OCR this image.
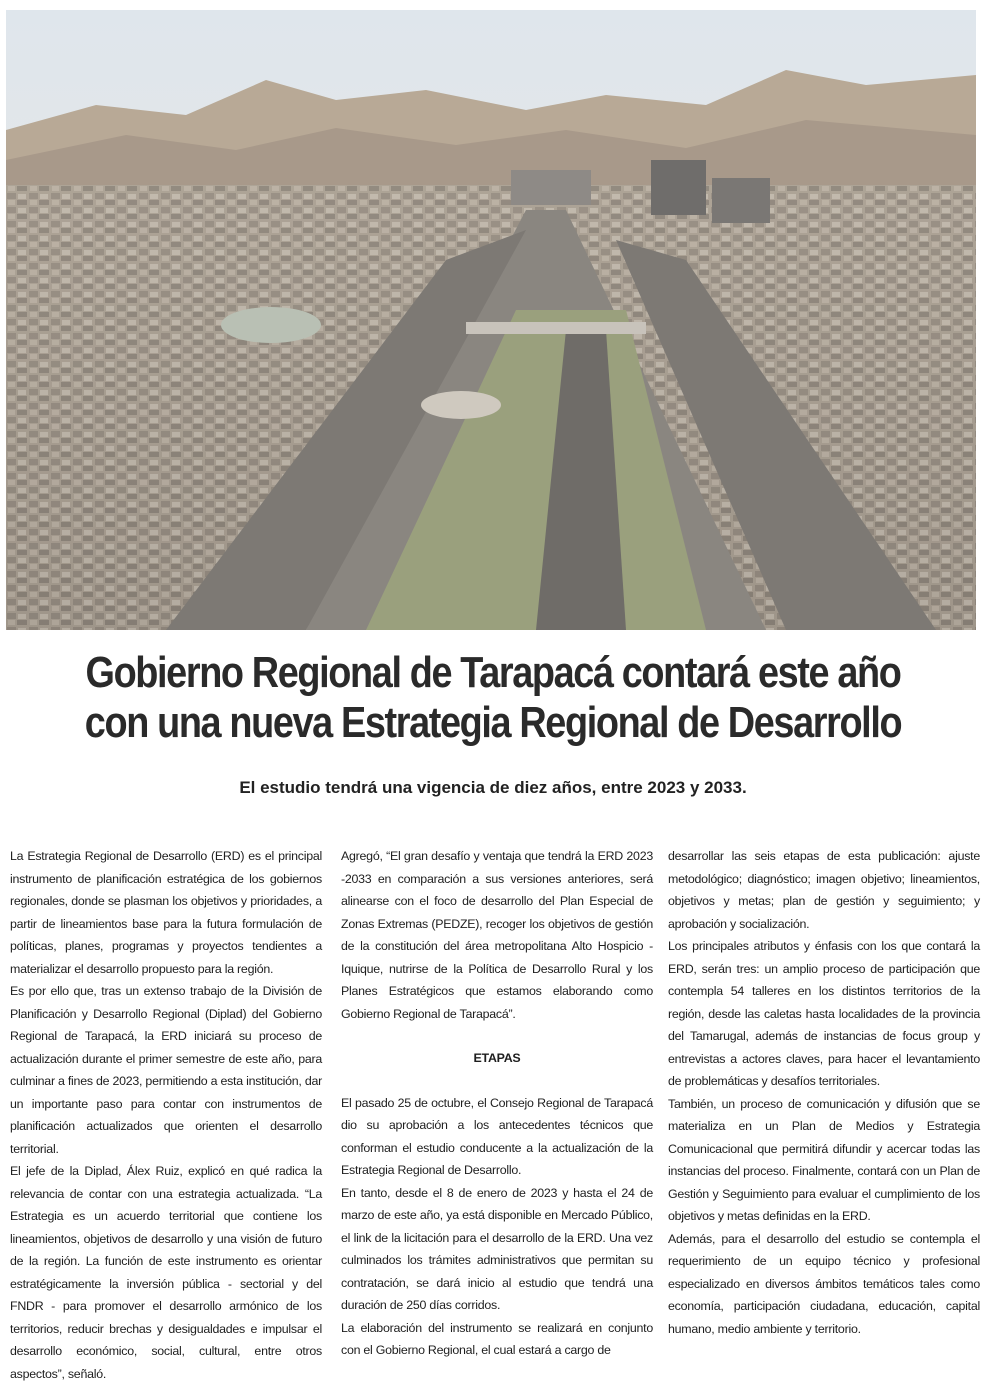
Gobierno Regional de Tarapacá contará este año
con una nueva Estrategia Regional de Desarrollo

El estudio tendrá una vigencia de diez años, entre 2023 y 2033.

La Estrategia Regional de Desarrollo (ERD) es el principal instrumento de planificación estratégica de los gobiernos regionales, donde se plasman los objetivos y prioridades, a partir de lineamientos base para la futura formulación de políticas, planes, programas y proyectos tendientes a materializar el desarrollo propuesto para la región.

Es por ello que, tras un extenso trabajo de la División de Planificación y Desarrollo Regional (Diplad) del Gobierno Regional de Tarapacá, la ERD iniciará su proceso de actualización durante el primer semestre de este año, para culminar a fines de 2023, permitiendo a esta institución, dar un importante paso para contar con instrumentos de planificación actualizados que orienten el desarrollo territorial.

El jefe de la Diplad, Álex Ruiz, explicó en qué radica la relevancia de contar con una estrategia actualizada. “La Estrategia es un acuerdo territorial que contiene los lineamientos, objetivos de desarrollo y una visión de futuro de la región. La función de este instrumento es orientar estratégicamente la inversión pública - sectorial y del FNDR - para promover el desarrollo armónico de los territorios, reducir brechas y desigualdades e impulsar el desarrollo económico, social, cultural, entre otros aspectos”, señaló.

Agregó, “El gran desafío y ventaja que tendrá la ERD 2023 -2033 en comparación a sus versiones anteriores, será alinearse con el foco de desarrollo del Plan Especial de Zonas Extremas (PEDZE), recoger los objetivos de gestión de la constitución del área metropolitana Alto Hospicio - Iquique, nutrirse de la Política de Desarrollo Rural y los Planes Estratégicos que estamos elaborando como Gobierno Regional de Tarapacá”.

ETAPAS

El pasado 25 de octubre, el Consejo Regional de Tarapacá dio su aprobación a los antecedentes técnicos que conforman el estudio conducente a la actualización de la Estrategia Regional de Desarrollo.

En tanto, desde el 8 de enero de 2023 y hasta el 24 de marzo de este año, ya está disponible en Mercado Público, el link de la licitación para el desarrollo de la ERD. Una vez culminados los trámites administrativos que permitan su contratación, se dará inicio al estudio que tendrá una duración de 250 días corridos.

La elaboración del instrumento se realizará en conjunto con el Gobierno Regional, el cual estará a cargo de

desarrollar las seis etapas de esta publicación: ajuste metodológico; diagnóstico; imagen objetivo; lineamientos, objetivos y metas; plan de gestión y seguimiento; y aprobación y socialización.

Los principales atributos y énfasis con los que contará la ERD, serán tres: un amplio proceso de participación que contempla 54 talleres en los distintos territorios de la región, desde las caletas hasta localidades de la provincia del Tamarugal, además de instancias de focus group y entrevistas a actores claves, para hacer el levantamiento de problemáticas y desafíos territoriales.

También, un proceso de comunicación y difusión que se materializa en un Plan de Medios y Estrategia Comunicacional que permitirá difundir y acercar todas las instancias del proceso. Finalmente, contará con un Plan de Gestión y Seguimiento para evaluar el cumplimiento de los objetivos y metas definidas en la ERD.

Además, para el desarrollo del estudio se contempla el requerimiento de un equipo técnico y profesional especializado en diversos ámbitos temáticos tales como economía, participación ciudadana, educación, capital humano, medio ambiente y territorio.
